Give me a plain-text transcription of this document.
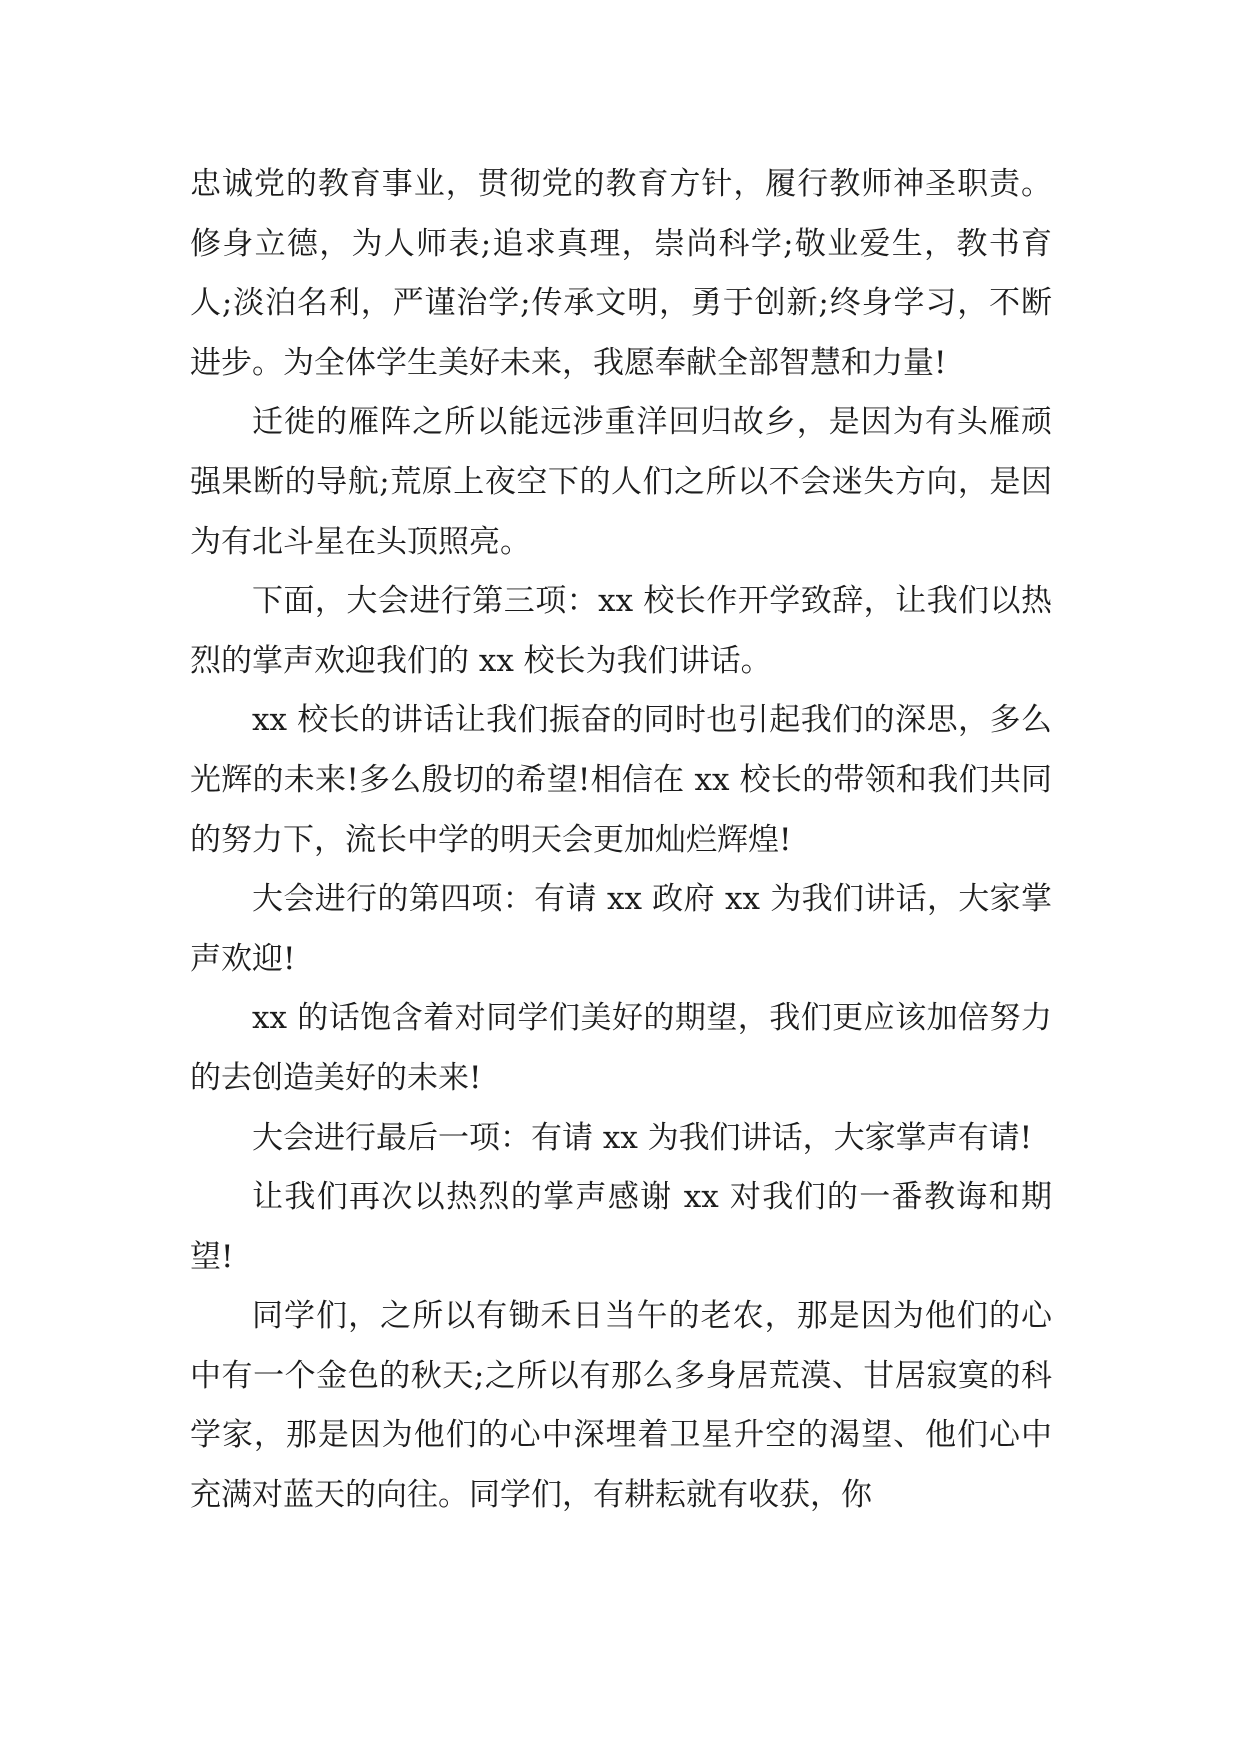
忠诚党的教育事业，贯彻党的教育方针，履行教师神圣职责。修身立德，为人师表;追求真理，崇尚科学;敬业爱生，教书育人;淡泊名利，严谨治学;传承文明，勇于创新;终身学习，不断进步。为全体学生美好未来，我愿奉献全部智慧和力量!

迁徙的雁阵之所以能远涉重洋回归故乡，是因为有头雁顽强果断的导航;荒原上夜空下的人们之所以不会迷失方向，是因为有北斗星在头顶照亮。

下面，大会进行第三项：xx 校长作开学致辞，让我们以热烈的掌声欢迎我们的 xx 校长为我们讲话。

xx 校长的讲话让我们振奋的同时也引起我们的深思，多么光辉的未来!多么殷切的希望!相信在 xx 校长的带领和我们共同的努力下，流长中学的明天会更加灿烂辉煌!

大会进行的第四项：有请 xx 政府 xx 为我们讲话，大家掌声欢迎!

xx 的话饱含着对同学们美好的期望，我们更应该加倍努力的去创造美好的未来!

大会进行最后一项：有请 xx 为我们讲话，大家掌声有请!

让我们再次以热烈的掌声感谢 xx 对我们的一番教诲和期望!

同学们，之所以有锄禾日当午的老农，那是因为他们的心中有一个金色的秋天;之所以有那么多身居荒漠、甘居寂寞的科学家，那是因为他们的心中深埋着卫星升空的渴望、他们心中充满对蓝天的向往。同学们，有耕耘就有收获，你
